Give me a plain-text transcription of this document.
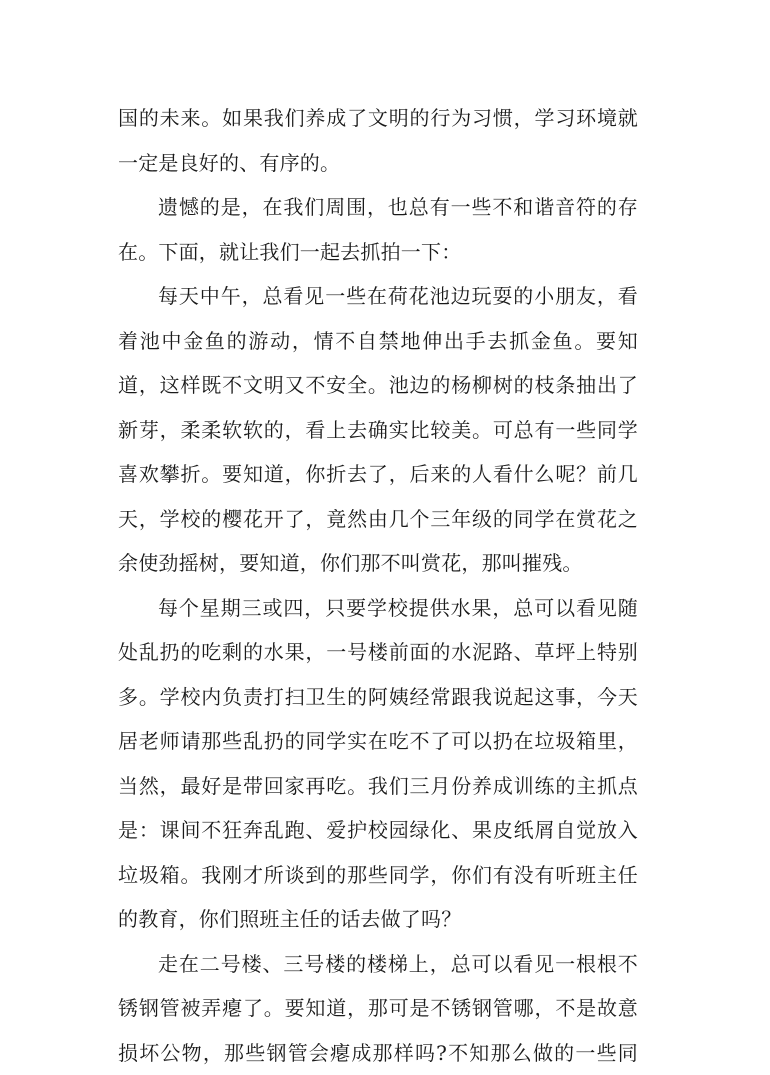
国的未来。如果我们养成了文明的行为习惯，学习环境就
一定是良好的、有序的。
遗憾的是，在我们周围，也总有一些不和谐音符的存
在。下面，就让我们一起去抓拍一下：
每天中午，总看见一些在荷花池边玩耍的小朋友，看
着池中金鱼的游动，情不自禁地伸出手去抓金鱼。要知
道，这样既不文明又不安全。池边的杨柳树的枝条抽出了
新芽，柔柔软软的，看上去确实比较美。可总有一些同学
喜欢攀折。要知道，你折去了，后来的人看什么呢？前几
天，学校的樱花开了，竟然由几个三年级的同学在赏花之
余使劲摇树，要知道，你们那不叫赏花，那叫摧残。
每个星期三或四，只要学校提供水果，总可以看见随
处乱扔的吃剩的水果，一号楼前面的水泥路、草坪上特别
多。学校内负责打扫卫生的阿姨经常跟我说起这事，今天
居老师请那些乱扔的同学实在吃不了可以扔在垃圾箱里，
当然，最好是带回家再吃。我们三月份养成训练的主抓点
是：课间不狂奔乱跑、爱护校园绿化、果皮纸屑自觉放入
垃圾箱。我刚才所谈到的那些同学，你们有没有听班主任
的教育，你们照班主任的话去做了吗？
走在二号楼、三号楼的楼梯上，总可以看见一根根不
锈钢管被弄瘪了。要知道，那可是不锈钢管哪，不是故意
损坏公物，那些钢管会瘪成那样吗?不知那么做的一些同
